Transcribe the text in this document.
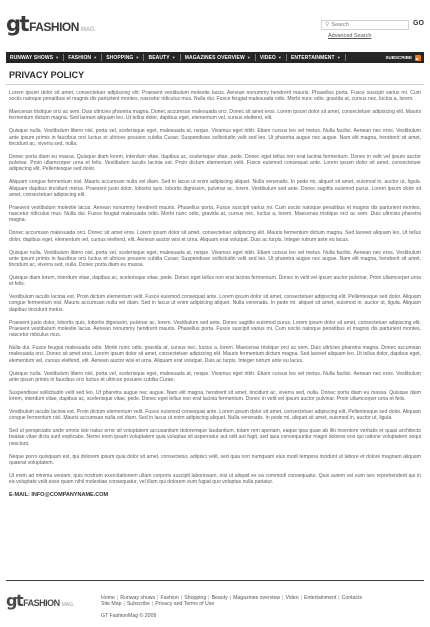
gt FASHION MAG.
⚲
Search	GO
Advanced Search
RUNWAY SHOWS ▼ FASHION ▼ SHOPPING ▼ BEAUTY ▼ MAGAZINES OVERVIEW ▼ VIDEO ▼ ENTERTAINMENT ▼	SUBSCRIBE
PRIVACY POLICY

Lorem ipsum dolor sit amet, consectetuer adipiscing elit. Praesent vestibulum molestie lacus. Aenean nonummy hendrerit mauris. Phasellus porta. Fusce suscipit varius mi. Cum sociis natoque penatibus et magnis dis parturient montes, nascetur ridiculus mus. Nulla dui. Fusce feugiat malesuada odio. Morbi nunc odio, gravida at, cursus nec, luctus a, lorem.

Maecenas tristique orci ac sem. Duis ultricies pharetra magna. Donec accumsan malesuada orci. Donec sit amet eros. Lorem ipsum dolor sit amet, consectetuer adipiscing elit. Mauris fermentum dictum magna. Sed laoreet aliquam leo. Ut tellus dolor, dapibus eget, elementum vel, cursus eleifend, elit.

Quisque nulla. Vestibulum libero nisl, porta vel, scelerisque eget, malesuada at, neque. Vivamus eget nibh. Etiam cursus leo vel metus. Nulla facilisi. Aenean nec eros. Vestibulum ante ipsum primis in faucibus orci luctus et ultrices posuere cubilia Curae; Suspendisse sollicitudin velit sed leo. Ut pharetra augue nec augue. Nam elit magna, hendrerit sit amet, tincidunt ac, viverra sed, nulla.

Donec porta diam eu massa. Quisque diam lorem, interdum vitae, dapibus ac, scelerisque vitae, pede. Donec eget tellus non erat lacinia fermentum. Donec in velit vel ipsum auctor pulvinar. Proin ullamcorper urna et felis. Vestibulum iaculis lacinia est. Proin dictum elementum velit. Fusce euismod consequat ante. Lorem ipsum dolor sit amet, consectetuer adipiscing elit. Pellentesque sed dolor.

Aliquam congue fermentum nisl. Mauris accumsan nulla vel diam. Sed in lacus ut enim adipiscing aliquet. Nulla venenatis. In pede mi, aliquet sit amet, euismod in, auctor ut, ligula. Aliquam dapibus tincidunt metus. Praesent justo dolor, lobortis quis, lobortis dignissim, pulvinar ac, lorem. Vestibulum sed ante. Donec sagittis euismod purus. Lorem ipsum dolor sit amet, consectetuer adipiscing elit.

Praesent vestibulum molestie lacus. Aenean nonummy hendrerit mauris. Phasellus porta. Fusce suscipit varius mi. Cum sociis natoque penatibus et magnis dis parturient montes, nascetur ridiculus mus. Nulla dui. Fusce feugiat malesuada odio. Morbi nunc odio, gravida at, cursus nec, luctus a, lorem. Maecenas tristique orci ac sem. Duis ultricies pharetra magna.

Donec accumsan malesuada orci. Donec sit amet eros. Lorem ipsum dolor sit amet, consectetuer adipiscing elit. Mauris fermentum dictum magna. Sed laoreet aliquam leo. Ut tellus dolor, dapibus eget, elementum vel, cursus eleifend, elit. Aenean auctor wisi et urna. Aliquam erat volutpat. Duis ac turpis. Integer rutrum ante eu lacus.

Quisque nulla. Vestibulum libero nisl, porta vel, scelerisque eget, malesuada at, neque. Vivamus eget nibh. Etiam cursus leo vel metus. Nulla facilisi. Aenean nec eros. Vestibulum ante ipsum primis in faucibus orci luctus et ultrices posuere cubilia Curae; Suspendisse sollicitudin velit sed leo. Ut pharetra augue nec augue. Nam elit magna, hendrerit sit amet, tincidunt ac, viverra sed, nulla. Donec porta diam eu massa.

Quisque diam lorem, interdum vitae, dapibus ac, scelerisque vitae, pede. Donec eget tellus non erat lacinia fermentum. Donec in velit vel ipsum auctor pulvinar. Proin ullamcorper urna et felis.

Vestibulum iaculis lacinia est. Proin dictum elementum velit. Fusce euismod consequat ante. Lorem ipsum dolor sit amet, consectetuer adipiscing elit. Pellentesque sed dolor. Aliquam congue fermentum nisl. Mauris accumsan nulla vel diam. Sed in lacus ut enim adipiscing aliquet. Nulla venenatis. In pede mi, aliquet sit amet, euismod in, auctor ut, ligula. Aliquam dapibus tincidunt metus.

Praesent justo dolor, lobortis quis, lobortis dignissim, pulvinar ac, lorem. Vestibulum sed ante. Donec sagittis euismod purus. Lorem ipsum dolor sit amet, consectetuer adipiscing elit. Praesent vestibulum molestie lacus. Aenean nonummy hendrerit mauris. Phasellus porta. Fusce suscipit varius mi. Cum sociis natoque penatibus et magnis dis parturient montes, nascetur ridiculus mus.

Nulla dui. Fusce feugiat malesuada odio. Morbi nunc odio, gravida at, cursus nec, luctus a, lorem. Maecenas tristique orci ac sem. Duis ultricies pharetra magna. Donec accumsan malesuada orci. Donec sit amet eros. Lorem ipsum dolor sit amet, consectetuer adipiscing elit. Mauris fermentum dictum magna. Sed laoreet aliquam leo. Ut tellus dolor, dapibus eget, elementum vel, cursus eleifend, elit. Aenean auctor wisi et urna. Aliquam erat volutpat. Duis ac turpis. Integer rutrum ante eu lacus.

Quisque nulla. Vestibulum libero nisl, porta vel, scelerisque eget, malesuada at, neque. Vivamus eget nibh. Etiam cursus leo vel metus. Nulla facilisi. Aenean nec eros. Vestibulum ante ipsum primis in faucibus orci luctus et ultrices posuere cubilia Curae;

Suspendisse sollicitudin velit sed leo. Ut pharetra augue nec augue. Nam elit magna, hendrerit sit amet, tincidunt ac, viverra sed, nulla. Donec porta diam eu massa. Quisque diam lorem, interdum vitae, dapibus ac, scelerisque vitae, pede. Donec eget tellus non erat lacinia fermentum. Donec in velit vel ipsum auctor pulvinar. Proin ullamcorper urna et felis.

Vestibulum iaculis lacinia est. Proin dictum elementum velit. Fusce euismod consequat ante. Lorem ipsum dolor sit amet, consectetuer adipiscing elit. Pellentesque sed dolor. Aliquam congue fermentum nisl. Mauris accumsan nulla vel diam. Sed in lacus ut enim adipiscing aliquet. Nulla venenatis. In pede mi, aliquet sit amet, euismod in, auctor ut, ligula.

Sed ut perspiciatis unde omnis iste natus error sit voluptatem accusantium doloremque laudantium, totam rem aperiam, eaque ipsa quae ab illo inventore veritatis et quasi architecto beatae vitae dicta sunt explicabo. Nemo enim ipsam voluptatem quia voluptas sit aspernatur aut odit aut fugit, sed quia consequuntur magni dolores eos qui ratione voluptatem sequi nesciunt.

Neque porro quisquam est, qui dolorem ipsum quia dolor sit amet, consectetur, adipisci velit, sed quia non numquam eius modi tempora incidunt ut labore et dolore magnam aliquam quaerat voluptatem.

Ut enim ad minima veniam, quis nostrum exercitationem ullam corporis suscipit laboriosam, nisi ut aliquid ex ea commodi consequatur. Quis autem vel eum iure reprehenderit qui in ea voluptate velit esse quam nihil molestiae consequatur, vel illum qui dolorem eum fugiat quo voluptas nulla pariatur.

E-MAIL: INFO@COMPANYNAME.COM
gt FASHION MAG.
Home | Runway shows | Fashion | Shopping | Beauty | Magazines overview | Video | Entertainment | Contacts
Site Map | Subscribe | Privacy and Terms of Use
GT FashionMag © 2009
